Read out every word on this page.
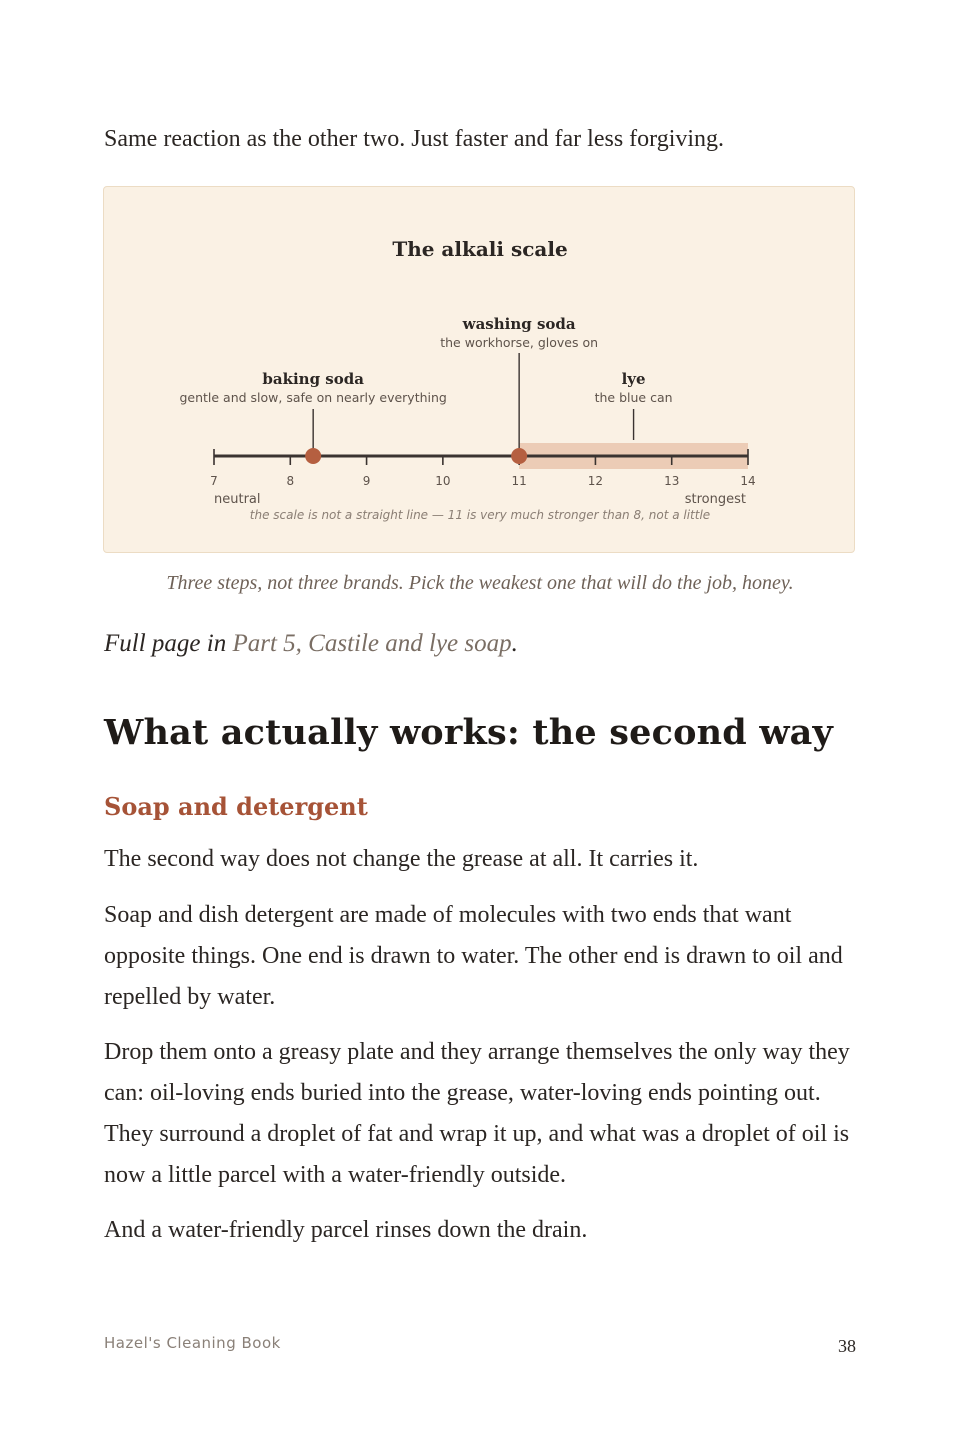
Same reaction as the other two. Just faster and far less forgiving.

The alkali scale
7	8	9	10	11	12	13	14
baking soda
gentle and slow, safe on nearly everything
washing soda
the workhorse, gloves on
lye
the blue can
neutral	strongest
the scale is not a straight line — 11 is very much stronger than 8, not a little

Three steps, not three brands. Pick the weakest one that will do the job, honey.

Full page in Part 5, Castile and lye soap.

What actually works: the second way
Soap and detergent

The second way does not change the grease at all. It carries it.

Soap and dish detergent are made of molecules with two ends that want opposite things. One end is drawn to water. The other end is drawn to oil and repelled by water.

Drop them onto a greasy plate and they arrange themselves the only way they can: oil-loving ends buried into the grease, water-loving ends pointing out. They surround a droplet of fat and wrap it up, and what was a droplet of oil is now a little parcel with a water-friendly outside.

And a water-friendly parcel rinses down the drain.

Hazel's Cleaning Book	38
